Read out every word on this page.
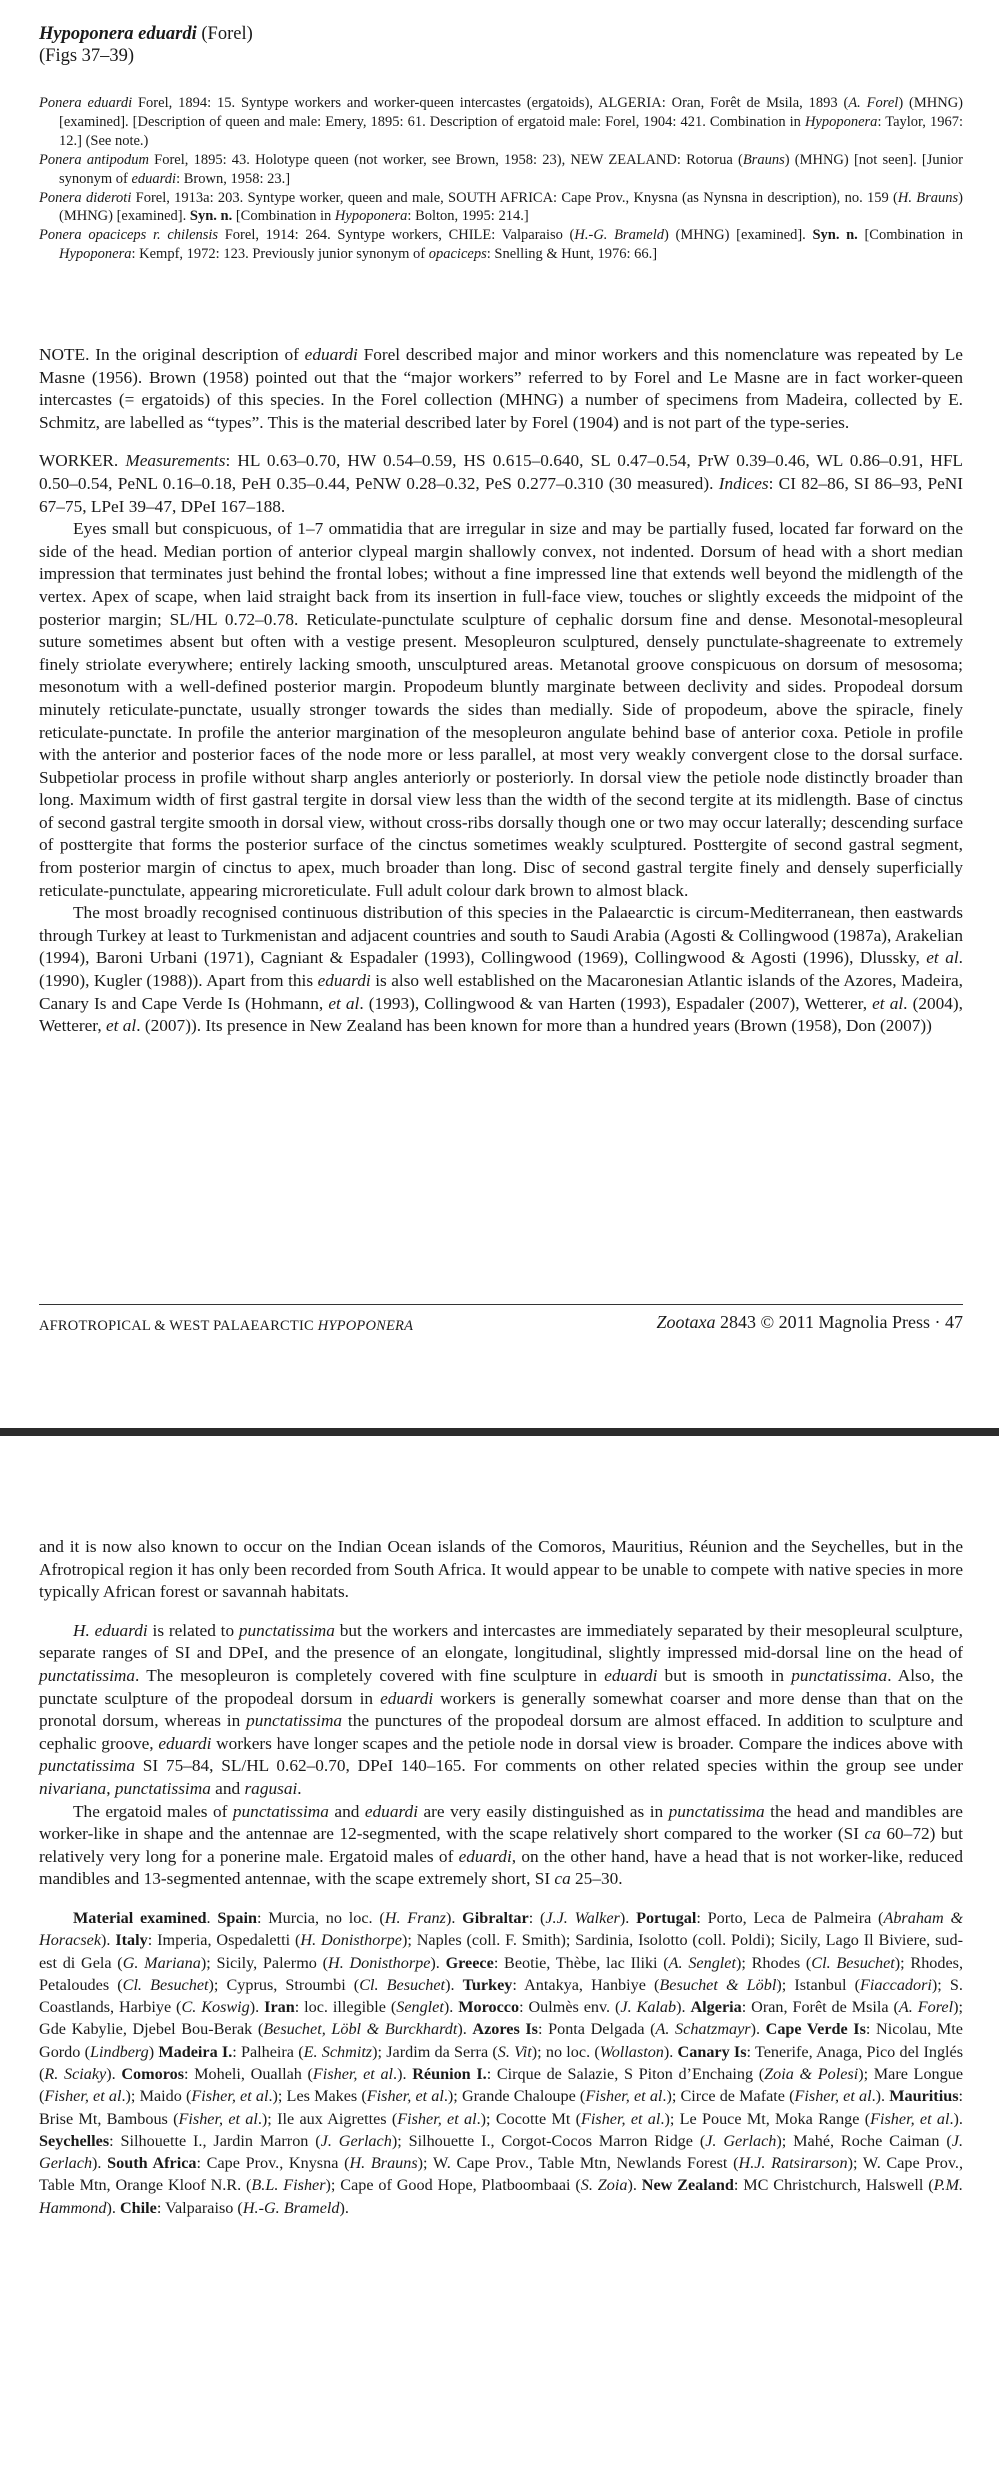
Hypoponera eduardi (Forel)
(Figs 37–39)

Ponera eduardi Forel, 1894: 15. Syntype workers and worker-queen intercastes (ergatoids), ALGERIA: Oran, Forêt de Msila, 1893 (A. Forel) (MHNG) [examined]. [Description of queen and male: Emery, 1895: 61. Description of ergatoid male: Forel, 1904: 421. Combination in Hypoponera: Taylor, 1967: 12.] (See note.)

Ponera antipodum Forel, 1895: 43. Holotype queen (not worker, see Brown, 1958: 23), NEW ZEALAND: Rotorua (Brauns) (MHNG) [not seen]. [Junior synonym of eduardi: Brown, 1958: 23.]

Ponera dideroti Forel, 1913a: 203. Syntype worker, queen and male, SOUTH AFRICA: Cape Prov., Knysna (as Nynsna in description), no. 159 (H. Brauns) (MHNG) [examined]. Syn. n. [Combination in Hypoponera: Bolton, 1995: 214.]

Ponera opaciceps r. chilensis Forel, 1914: 264. Syntype workers, CHILE: Valparaiso (H.-G. Brameld) (MHNG) [examined]. Syn. n. [Combination in Hypoponera: Kempf, 1972: 123. Previously junior synonym of opaciceps: Snelling & Hunt, 1976: 66.]

NOTE. In the original description of eduardi Forel described major and minor workers and this nomenclature was repeated by Le Masne (1956). Brown (1958) pointed out that the “major workers” referred to by Forel and Le Masne are in fact worker-queen intercastes (= ergatoids) of this species. In the Forel collection (MHNG) a number of specimens from Madeira, collected by E. Schmitz, are labelled as “types”. This is the material described later by Forel (1904) and is not part of the type-series.

WORKER. Measurements: HL 0.63–0.70, HW 0.54–0.59, HS 0.615–0.640, SL 0.47–0.54, PrW 0.39–0.46, WL 0.86–0.91, HFL 0.50–0.54, PeNL 0.16–0.18, PeH 0.35–0.44, PeNW 0.28–0.32, PeS 0.277–0.310 (30 measured). Indices: CI 82–86, SI 86–93, PeNI 67–75, LPeI 39–47, DPeI 167–188.

Eyes small but conspicuous, of 1–7 ommatidia that are irregular in size and may be partially fused, located far forward on the side of the head. Median portion of anterior clypeal margin shallowly convex, not indented. Dorsum of head with a short median impression that terminates just behind the frontal lobes; without a fine impressed line that extends well beyond the midlength of the vertex. Apex of scape, when laid straight back from its insertion in full-face view, touches or slightly exceeds the midpoint of the posterior margin; SL/HL 0.72–0.78. Reticulate-punctulate sculpture of cephalic dorsum fine and dense. Mesonotal-mesopleural suture sometimes absent but often with a vestige present. Mesopleuron sculptured, densely punctulate-shagreenate to extremely finely striolate everywhere; entirely lacking smooth, unsculptured areas. Metanotal groove conspicuous on dorsum of mesosoma; mesonotum with a well-defined posterior margin. Propodeum bluntly marginate between declivity and sides. Propodeal dorsum minutely reticulate-punctate, usually stronger towards the sides than medially. Side of propodeum, above the spiracle, finely reticulate-punctate. In profile the anterior margination of the mesopleuron angulate behind base of anterior coxa. Petiole in profile with the anterior and posterior faces of the node more or less parallel, at most very weakly convergent close to the dorsal surface. Subpetiolar process in profile without sharp angles anteriorly or posteriorly. In dorsal view the petiole node distinctly broader than long. Maximum width of first gastral tergite in dorsal view less than the width of the second tergite at its midlength. Base of cinctus of second gastral tergite smooth in dorsal view, without cross-ribs dorsally though one or two may occur laterally; descending surface of posttergite that forms the posterior surface of the cinctus sometimes weakly sculptured. Posttergite of second gastral segment, from posterior margin of cinctus to apex, much broader than long. Disc of second gastral tergite finely and densely superficially reticulate-punctulate, appearing microreticulate. Full adult colour dark brown to almost black.

The most broadly recognised continuous distribution of this species in the Palaearctic is circum-Mediterranean, then eastwards through Turkey at least to Turkmenistan and adjacent countries and south to Saudi Arabia (Agosti & Collingwood (1987a), Arakelian (1994), Baroni Urbani (1971), Cagniant & Espadaler (1993), Collingwood (1969), Collingwood & Agosti (1996), Dlussky, et al. (1990), Kugler (1988)). Apart from this eduardi is also well established on the Macaronesian Atlantic islands of the Azores, Madeira, Canary Is and Cape Verde Is (Hohmann, et al. (1993), Collingwood & van Harten (1993), Espadaler (2007), Wetterer, et al. (2004), Wetterer, et al. (2007)). Its presence in New Zealand has been known for more than a hundred years (Brown (1958), Don (2007))

AFROTROPICAL & WEST PALAEARCTIC HYPOPONERA	Zootaxa 2843 © 2011 Magnolia Press · 47

and it is now also known to occur on the Indian Ocean islands of the Comoros, Mauritius, Réunion and the Seychelles, but in the Afrotropical region it has only been recorded from South Africa. It would appear to be unable to compete with native species in more typically African forest or savannah habitats.

H. eduardi is related to punctatissima but the workers and intercastes are immediately separated by their mesopleural sculpture, separate ranges of SI and DPeI, and the presence of an elongate, longitudinal, slightly impressed mid-dorsal line on the head of punctatissima. The mesopleuron is completely covered with fine sculpture in eduardi but is smooth in punctatissima. Also, the punctate sculpture of the propodeal dorsum in eduardi workers is generally somewhat coarser and more dense than that on the pronotal dorsum, whereas in punctatissima the punctures of the propodeal dorsum are almost effaced. In addition to sculpture and cephalic groove, eduardi workers have longer scapes and the petiole node in dorsal view is broader. Compare the indices above with punctatissima SI 75–84, SL/HL 0.62–0.70, DPeI 140–165. For comments on other related species within the group see under nivariana, punctatissima and ragusai.

The ergatoid males of punctatissima and eduardi are very easily distinguished as in punctatissima the head and mandibles are worker-like in shape and the antennae are 12-segmented, with the scape relatively short compared to the worker (SI ca 60–72) but relatively very long for a ponerine male. Ergatoid males of eduardi, on the other hand, have a head that is not worker-like, reduced mandibles and 13-segmented antennae, with the scape extremely short, SI ca 25–30.

Material examined. Spain: Murcia, no loc. (H. Franz). Gibraltar: (J.J. Walker). Portugal: Porto, Leca de Palmeira (Abraham & Horacsek). Italy: Imperia, Ospedaletti (H. Donisthorpe); Naples (coll. F. Smith); Sardinia, Isolotto (coll. Poldi); Sicily, Lago Il Biviere, sud-est di Gela (G. Mariana); Sicily, Palermo (H. Donisthorpe). Greece: Beotie, Thèbe, lac Iliki (A. Senglet); Rhodes (Cl. Besuchet); Rhodes, Petaloudes (Cl. Besuchet); Cyprus, Stroumbi (Cl. Besuchet). Turkey: Antakya, Hanbiye (Besuchet & Löbl); Istanbul (Fiaccadori); S. Coastlands, Harbiye (C. Koswig). Iran: loc. illegible (Senglet). Morocco: Oulmès env. (J. Kalab). Algeria: Oran, Forêt de Msila (A. Forel); Gde Kabylie, Djebel Bou-Berak (Besuchet, Löbl & Burckhardt). Azores Is: Ponta Delgada (A. Schatzmayr). Cape Verde Is: Nicolau, Mte Gordo (Lindberg) Madeira I.: Palheira (E. Schmitz); Jardim da Serra (S. Vit); no loc. (Wollaston). Canary Is: Tenerife, Anaga, Pico del Inglés (R. Sciaky). Comoros: Moheli, Ouallah (Fisher, et al.). Réunion I.: Cirque de Salazie, S Piton d’Enchaing (Zoia & Polesi); Mare Longue (Fisher, et al.); Maido (Fisher, et al.); Les Makes (Fisher, et al.); Grande Chaloupe (Fisher, et al.); Circe de Mafate (Fisher, et al.). Mauritius: Brise Mt, Bambous (Fisher, et al.); Ile aux Aigrettes (Fisher, et al.); Cocotte Mt (Fisher, et al.); Le Pouce Mt, Moka Range (Fisher, et al.). Seychelles: Silhouette I., Jardin Marron (J. Gerlach); Silhouette I., Corgot-Cocos Marron Ridge (J. Gerlach); Mahé, Roche Caiman (J. Gerlach). South Africa: Cape Prov., Knysna (H. Brauns); W. Cape Prov., Table Mtn, Newlands Forest (H.J. Ratsirarson); W. Cape Prov., Table Mtn, Orange Kloof N.R. (B.L. Fisher); Cape of Good Hope, Platboombaai (S. Zoia). New Zealand: MC Christchurch, Halswell (P.M. Hammond). Chile: Valparaiso (H.-G. Brameld).
